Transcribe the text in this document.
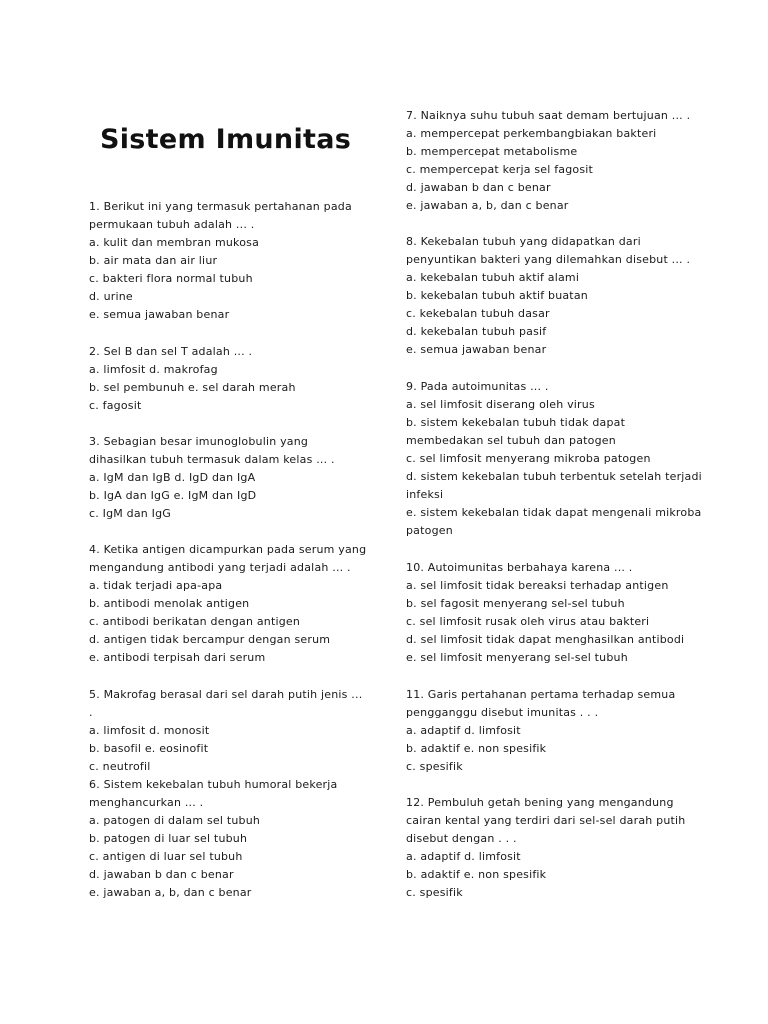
Sistem Imunitas
1. Berikut ini yang termasuk pertahanan pada permukaan tubuh adalah ... .
a. kulit dan membran mukosa
b. air mata dan air liur
c. bakteri flora normal tubuh
d. urine
e. semua jawaban benar
2. Sel B dan sel T adalah ... .
a. limfosit d. makrofag
b. sel pembunuh e. sel darah merah
c. fagosit
3. Sebagian besar imunoglobulin yang dihasilkan tubuh termasuk dalam kelas ... .
a. IgM dan IgB d. IgD dan IgA
b. IgA dan IgG e. IgM dan IgD
c. IgM dan IgG
4. Ketika antigen dicampurkan pada serum yang mengandung antibodi yang terjadi adalah ... .
a. tidak terjadi apa-apa
b. antibodi menolak antigen
c. antibodi berikatan dengan antigen
d. antigen tidak bercampur dengan serum
e. antibodi terpisah dari serum
5. Makrofag berasal dari sel darah putih jenis ... .
a. limfosit d. monosit
b. basofil e. eosinofit
c. neutrofil
6. Sistem kekebalan tubuh humoral bekerja menghancurkan ... .
a. patogen di dalam sel tubuh
b. patogen di luar sel tubuh
c. antigen di luar sel tubuh
d. jawaban b dan c benar
e. jawaban a, b, dan c benar
7. Naiknya suhu tubuh saat demam bertujuan ... .
a. mempercepat perkembangbiakan bakteri
b. mempercepat metabolisme
c. mempercepat kerja sel fagosit
d. jawaban b dan c benar
e. jawaban a, b, dan c benar
8. Kekebalan tubuh yang didapatkan dari penyuntikan bakteri yang dilemahkan disebut ... .
a. kekebalan tubuh aktif alami
b. kekebalan tubuh aktif buatan
c. kekebalan tubuh dasar
d. kekebalan tubuh pasif
e. semua jawaban benar
9. Pada autoimunitas ... .
a. sel limfosit diserang oleh virus
b. sistem kekebalan tubuh tidak dapat membedakan sel tubuh dan patogen
c. sel limfosit menyerang mikroba patogen
d. sistem kekebalan tubuh terbentuk setelah terjadi infeksi
e. sistem kekebalan tidak dapat mengenali mikroba patogen
10. Autoimunitas berbahaya karena ... .
a. sel limfosit tidak bereaksi terhadap antigen
b. sel fagosit menyerang sel-sel tubuh
c. sel limfosit rusak oleh virus atau bakteri
d. sel limfosit tidak dapat menghasilkan antibodi
e. sel limfosit menyerang sel-sel tubuh
11. Garis pertahanan pertama terhadap semua pengganggu disebut imunitas . . .
a. adaptif d. limfosit
b. adaktif e. non spesifik
c. spesifik
12. Pembuluh getah bening yang mengandung cairan kental yang terdiri dari sel-sel darah putih disebut dengan . . .
a. adaptif d. limfosit
b. adaktif e. non spesifik
c. spesifik
